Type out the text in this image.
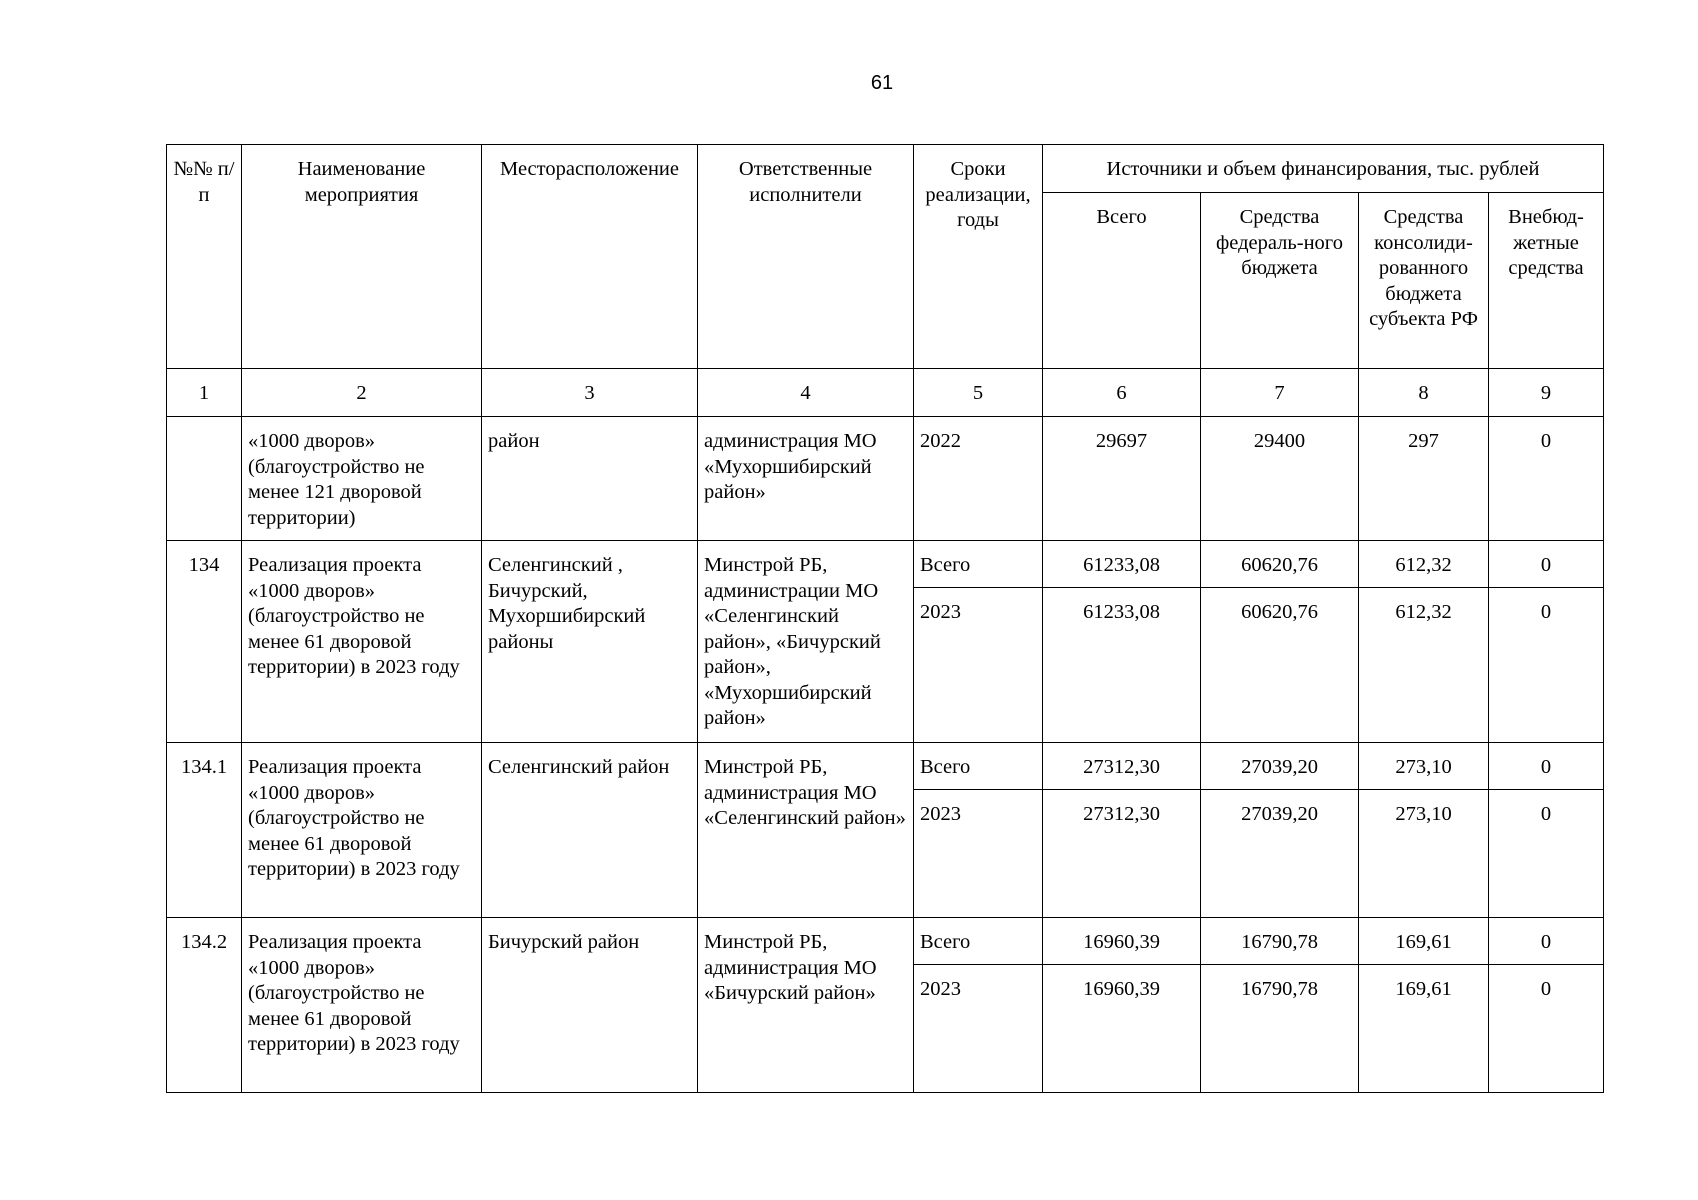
61
№№ п/п	Наименование мероприятия	Месторасположение	Ответственные исполнители	Сроки реализации, годы	Источники и объем финансирования, тыс. рублей			
					Всего	Средства федераль-ного бюджета	Средства консолиди-рованного бюджета субъекта РФ	Внебюд-жетные средства
1	2	3	4	5	6	7	8	9
	«1000 дворов» (благоустройство не менее 121 дворовой территории)	район	администрация МО «Мухоршибирский район»	2022	29697	29400	297	0
134	Реализация проекта «1000 дворов» (благоустройство не менее 61 дворовой территории) в 2023 году	Селенгинский , Бичурский, Мухоршибирский районы	Минстрой РБ, администрации МО «Селенгинский район», «Бичурский район», «Мухоршибирский район»	Всего	61233,08	60620,76	612,32	0
				2023	61233,08	60620,76	612,32	0
134.1	Реализация проекта «1000 дворов» (благоустройство не менее 61 дворовой территории) в 2023 году	Селенгинский район	Минстрой РБ, администрация МО «Селенгинский район»	Всего	27312,30	27039,20	273,10	0
				2023	27312,30	27039,20	273,10	0
134.2	Реализация проекта «1000 дворов» (благоустройство не менее 61 дворовой территории) в 2023 году	Бичурский район	Минстрой РБ, администрация МО «Бичурский район»	Всего	16960,39	16790,78	169,61	0
				2023	16960,39	16790,78	169,61	0
